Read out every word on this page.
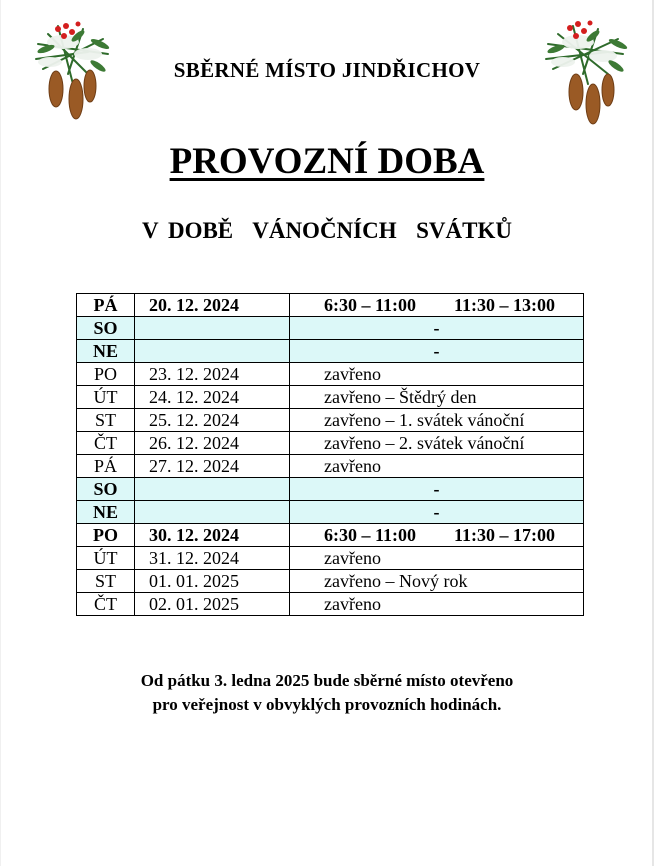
SBĚRNÉ MÍSTO JINDŘICHOV
PROVOZNÍ DOBA
V DOBĚ  VÁNOČNÍCH  SVÁTKŮ
PÁ	20. 12. 2024	6:30 – 11:00 11:30 – 13:00
SO		-
NE		-
PO	23. 12. 2024	zavřeno
ÚT	24. 12. 2024	zavřeno – Štědrý den
ST	25. 12. 2024	zavřeno – 1. svátek vánoční
ČT	26. 12. 2024	zavřeno – 2. svátek vánoční
PÁ	27. 12. 2024	zavřeno
SO		-
NE		-
PO	30. 12. 2024	6:30 – 11:00 11:30 – 17:00
ÚT	31. 12. 2024	zavřeno
ST	01. 01. 2025	zavřeno – Nový rok
ČT	02. 01. 2025	zavřeno
Od pátku 3. ledna 2025 bude sběrné místo otevřeno
pro veřejnost v obvyklých provozních hodinách.
